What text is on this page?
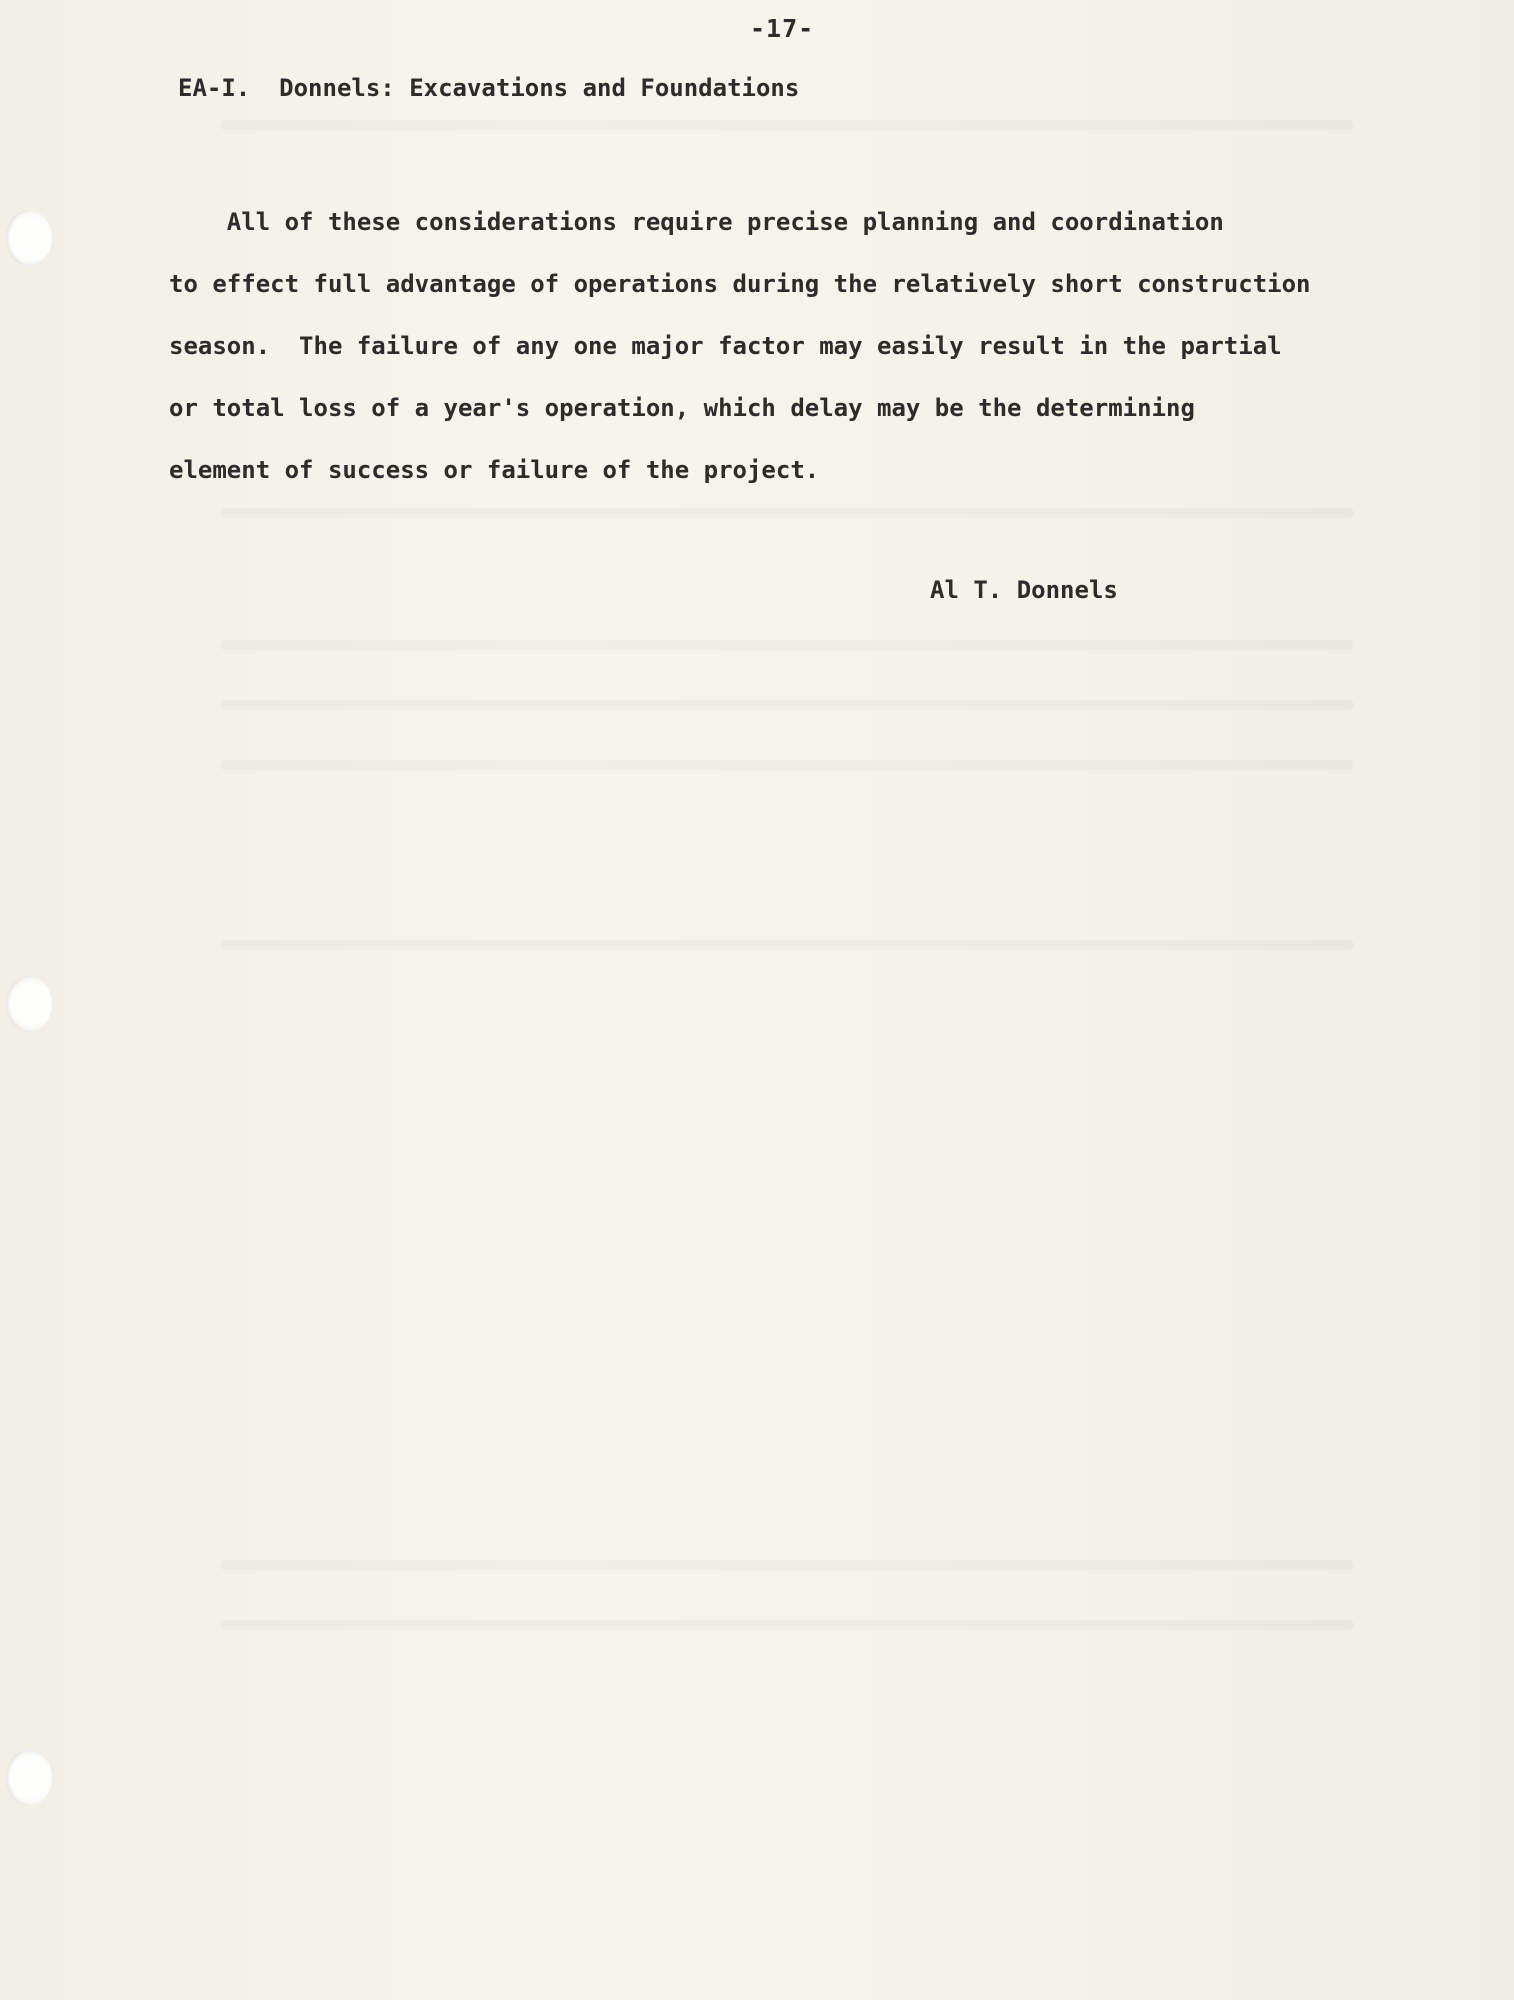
-17-
EA-I.  Donnels: Excavations and Foundations
All of these considerations require precise planning and coordination
to effect full advantage of operations during the relatively short construction
season.  The failure of any one major factor may easily result in the partial
or total loss of a year's operation, which delay may be the determining
element of success or failure of the project.
Al T. Donnels
